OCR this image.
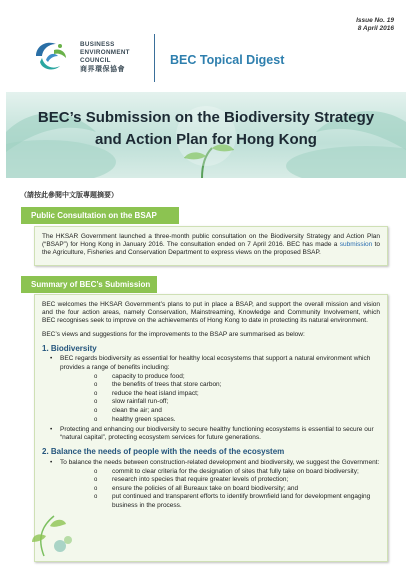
BUSINESS
ENVIRONMENT
COUNCIL
商界環保協會
BEC Topical Digest
Issue No. 19
8 April 2016
BEC’s Submission on the Biodiversity Strategy
and Action Plan for Hong Kong
（請按此參閱中文版專題摘要）
Public Consultation on the BSAP
The HKSAR Government launched a three-month public consultation on the Biodiversity Strategy and Action Plan (“BSAP”) for Hong Kong in January 2016. The consultation ended on 7 April 2016. BEC has made a submission to the Agriculture, Fisheries and Conservation Department to express views on the proposed BSAP.
Summary of BEC’s Submission
BEC welcomes the HKSAR Government’s plans to put in place a BSAP, and support the overall mission and vision and the four action areas, namely Conservation, Mainstreaming, Knowledge and Community Involvement, which BEC recognises seek to improve on the achievements of Hong Kong to date in protecting its natural environment.
BEC’s views and suggestions for the improvements to the BSAP are summarised as below:
1. Biodiversity
• BEC regards biodiversity as essential for healthy local ecosystems that support a natural environment which provides a range of benefits including:
o capacity to produce food;
o the benefits of trees that store carbon;
o reduce the heat island impact;
o slow rainfall run-off;
o clean the air; and
o healthy green spaces.
• Protecting and enhancing our biodiversity to secure healthy functioning ecosystems is essential to secure our “natural capital”, protecting ecosystem services for future generations.
2. Balance the needs of people with the needs of the ecosystem
• To balance the needs between construction-related development and biodiversity, we suggest the Government:
o commit to clear criteria for the designation of sites that fully take on board biodiversity;
o research into species that require greater levels of protection;
o ensure the policies of all Bureaux take on board biodiversity; and
o put continued and transparent efforts to identify brownfield land for development engaging business in the process.
